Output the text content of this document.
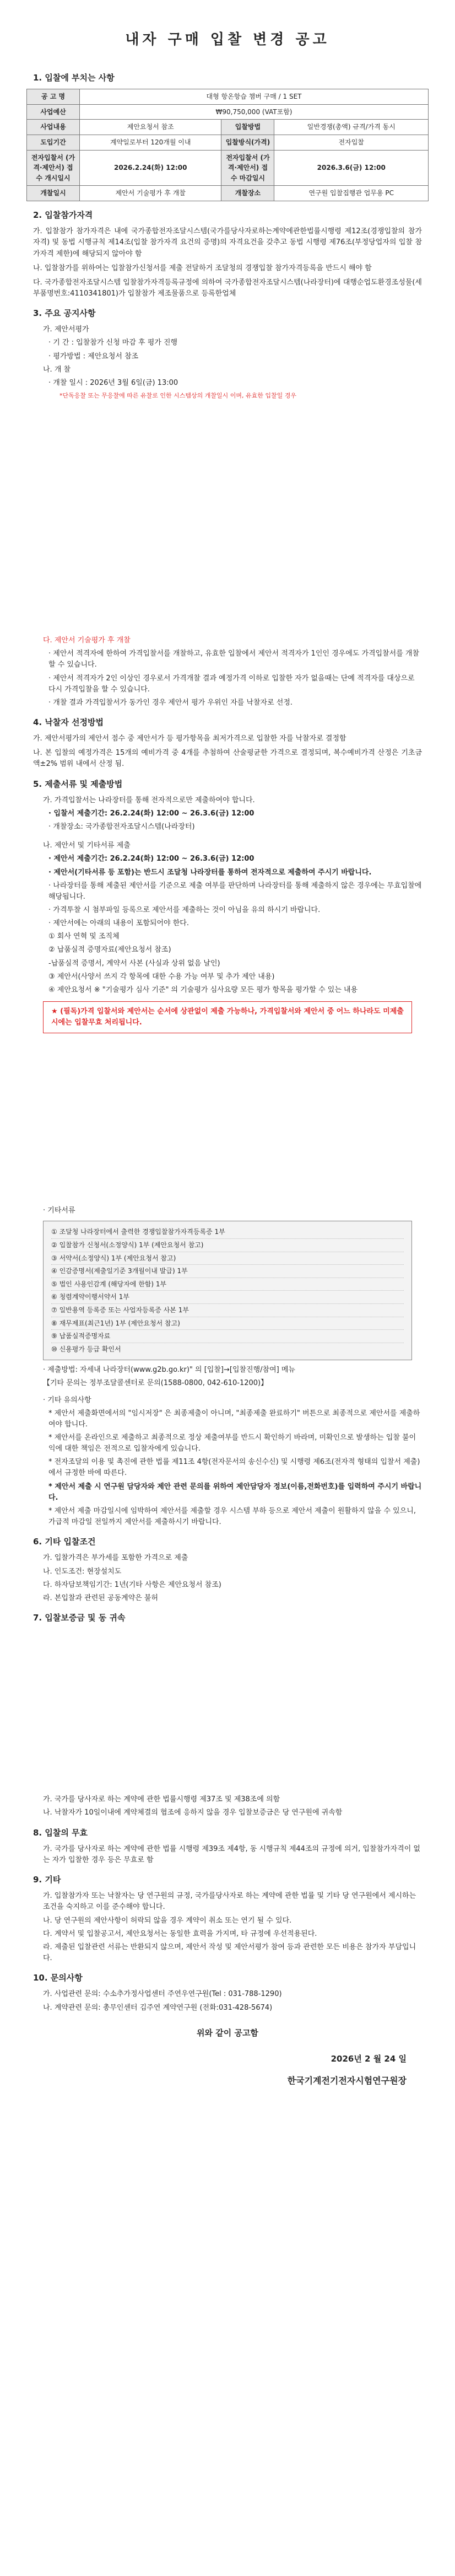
내자 구매 입찰 변경 공고
1. 입찰에 부치는 사항
공 고 명	대형 항온항습 챔버 구매 / 1 SET		
사업예산	₩90,750,000 (VAT포함)		
사업내용	제안요청서 참조	입찰방법	일반경쟁(총액) 규격/가격 동시
도입기간	계약일로부터 120개월 이내	입찰방식(가격)	전자입찰
전자입찰서 (가격·제안서) 접수 개시일시	2026.2.24(화) 12:00	전자입찰서 (가격·제안서) 접수 마감일시	2026.3.6(금) 12:00
개찰일시	제안서 기술평가 후 개찰	개찰장소	연구원 입찰집행관 업무용 PC
2. 입찰참가자격
가. 입찰참가 참가자격은 내에 국가종합전자조달시스템(국가를당사자로하는계약에관한법률시행령 제12조(경쟁입찰의 참가자격) 및 동법 시행규칙 제14조(입찰 참가자격 요건의 증명)의 자격요건을 갖추고 동법 시행령 제76조(부정당업자의 입찰 참가자격 제한)에 해당되지 않아야 함
나. 입찰참가를 위하여는 입찰참가신청서를 제출 전달하거 조달청의 경쟁입찰 참가자격등록을 반드시 해야 함
다. 국가종합전자조달시스템 입찰참가자격등록규정에 의하여 국가종합전자조달시스템(나라장터)에 대행순업도환경조성물(세부품명번호:4110341801)가 입찰참가 제조물품으로 등록한업체
3. 주요 공지사항
가. 제안서평가
· 기 간 : 입찰참가 신청 마감 후 평가 진행
· 평가방법 : 제안요청서 참조
나. 개 찰
· 개찰 일시 : 2026년 3월 6일(금) 13:00
*단독응찰 또는 무응찰에 따른 유찰로 인한 시스템상의 개찰일시 이며, 유효한 입찰일 경우
다. 제안서 기술평가 후 개찰
· 제안서 적격자에 한하여 가격입찰서를 개찰하고, 유효한 입찰에서 제안서 적격자가 1인인 경우에도 가격입찰서를 개찰 할 수 있습니다.
· 제안서 적격자가 2인 이상인 경우로서 가격개찰 결과 예정가격 이하로 입찰한 자가 없을때는 단예 적격자를 대상으로 다시 가격입찰을 할 수 있습니다.
· 개찰 결과 가격입찰서가 동가인 경우 제안서 평가 우위인 자를 낙찰자로 선정.
4. 낙찰자 선정방법
가. 제안서평가의 제안서 점수 중 제안서가 등 평가항목을 최저가격으로 입찰한 자를 낙찰자로 결정함
나. 본 입찰의 예정가격은 15개의 예비가격 중 4개를 추첨하여 산술평균한 가격으로 결정되며, 복수예비가격 산정은 기초금액±2% 범위 내에서 산정 됨.
5. 제출서류 및 제출방법
가. 가격입찰서는 나라장터를 통해 전자적으로만 제출하여야 합니다.
· 입찰서 제출기간: 26.2.24(화) 12:00 ~ 26.3.6(금) 12:00
· 개찰장소: 국가종합전자조달시스템(나라장터)
나. 제안서 및 기타서류 제출
· 제안서 제출기간: 26.2.24(화) 12:00 ~ 26.3.6(금) 12:00
· 제안서(기타서류 등 포함)는 반드시 조달청 나라장터를 통하여 전자적으로 제출하여 주시기 바랍니다.
· 나라장터를 통해 제출된 제안서를 기준으로 제출 여부를 판단하며 나라장터를 통해 제출하지 않은 경우에는 무효입찰에 해당됩니다.
· 가격투찰 시 첨부파일 등록으로 제안서를 제출하는 것이 아님을 유의 하시기 바랍니다.
· 제안서에는 아래의 내용이 포함되어야 한다.
① 회사 연혁 및 조직체
② 납품실적 증명자료(제안요청서 참조)
-납품실적 증명서, 계약서 사본 (사실과 상위 없음 날인)
③ 제안서(사양서 쓰지 각 항목에 대한 수용 가능 여부 및 추가 제안 내용)
④ 제안요청서 ※ "기술평가 심사 기준" 의 기술평가 심사요량 모든 평가 항목을 평가할 수 있는 내용
★ (필독)가격 입찰서와 제안서는 순서에 상관없이 제출 가능하나, 가격입찰서와 제안서 중 어느 하나라도 미제출시에는 입찰무효 처리됩니다.
· 기타서류
① 조달청 나라장터에서 출력한 경쟁입찰참가자격등록증 1부
② 입찰참가 신청서(소정양식) 1부 (제안요청서 참고)
③ 서약서(소정양식) 1부 (제안요청서 참고)
④ 인감증명서(제출일기준 3개월이내 발급) 1부
⑤ 법인 사용인감계 (해당자에 한함) 1부
⑥ 청렴계약이행서약서 1부
⑦ 일반용역 등록증 또는 사업자등록증 사본 1부
⑧ 재무제표(최근1년) 1부 (제안요청서 참고)
⑨ 납품실적증명자료
⑩ 신용평가 등급 확인서
· 제출방법: 자세내 나라장터(www.g2b.go.kr)" 의 [입찰]→[입찰진행/참여] 메뉴
【기타 문의는 정부조달콜센터로 문의(1588-0800, 042-610-1200)】
· 기타 유의사항
* 제안서 제출화면에서의 "임시저장" 은 최종제출이 아니며, "최종제출 완료하기" 버튼으로 최종적으로 제안서를 제출하여야 합니다.
* 제안서를 온라인으로 제출하고 최종적으로 정상 제출여부를 반드시 확인하기 바라며, 미확인으로 발생하는 입찰 불이익에 대한 책임은 전적으로 입찰자에게 있습니다.
* 전자조달의 이용 및 촉진에 관한 법률 제11조 4항(전자문서의 송신수신) 및 시행령 제6조(전자적 형태의 입찰서 제출) 에서 규정한 바에 따른다.
* 제안서 제출 시 연구원 담당자와 제안 관련 문의를 위하여 제안담당자 정보(이름,전화번호)를 입력하여 주시기 바랍니다.
* 제안서 제출 마감일시에 임박하여 제안서를 제출할 경우 시스템 부하 등으로 제안서 제출이 원활하지 않을 수 있으니, 가급적 마감일 전일까지 제안서를 제출하시기 바랍니다.
6. 기타 입찰조건
가. 입찰가격은 부가세를 포함한 가격으로 제출
나. 인도조건: 현장설치도
다. 하자담보책임기간: 1년(기타 사항은 제안요청서 참조)
라. 본입찰과 관련된 공동계약은 불허
7. 입찰보증금 및 동 귀속
가. 국가를 당사자로 하는 계약에 관한 법률시행령 제37조 및 제38조에 의함
나. 낙찰자가 10일이내에 계약체결의 협조에 응하지 않을 경우 입찰보증금은 당 연구원에 귀속함
8. 입찰의 무효
가. 국가를 당사자로 하는 계약에 관한 법률 시행령 제39조 제4항, 동 시행규칙 제44조의 규정에 의거, 입찰참가자격이 없는 자가 입찰한 경우 등은 무효로 함
9. 기타
가. 입찰참가자 또는 낙찰자는 당 연구원의 규정, 국가를당사자로 하는 계약에 관한 법률 및 기타 당 연구원에서 제시하는 조건을 숙지하고 이를 준수해야 합니다.
나. 당 연구원의 제안사항이 허락되 않을 경우 계약이 취소 또는 연기 될 수 있다.
다. 계약서 및 입찰공고서, 제안요청서는 동일한 효력을 가지며, 타 규정에 우선적용된다.
라. 제출된 입찰관련 서류는 반환되지 않으며, 제안서 작성 및 제안서평가 참여 등과 관련한 모든 비용은 참가자 부담입니다.
10. 문의사항
가. 사업관련 문의: 수소추가정사업센터 주연우연구원(Tel : 031-788-1290)
나. 계약관련 문의: 총무인센터 김주연 계약연구원 (전화:031-428-5674)
위와 같이 공고함
2026년 2 월 24 일
한국기계전기전자시험연구원장
